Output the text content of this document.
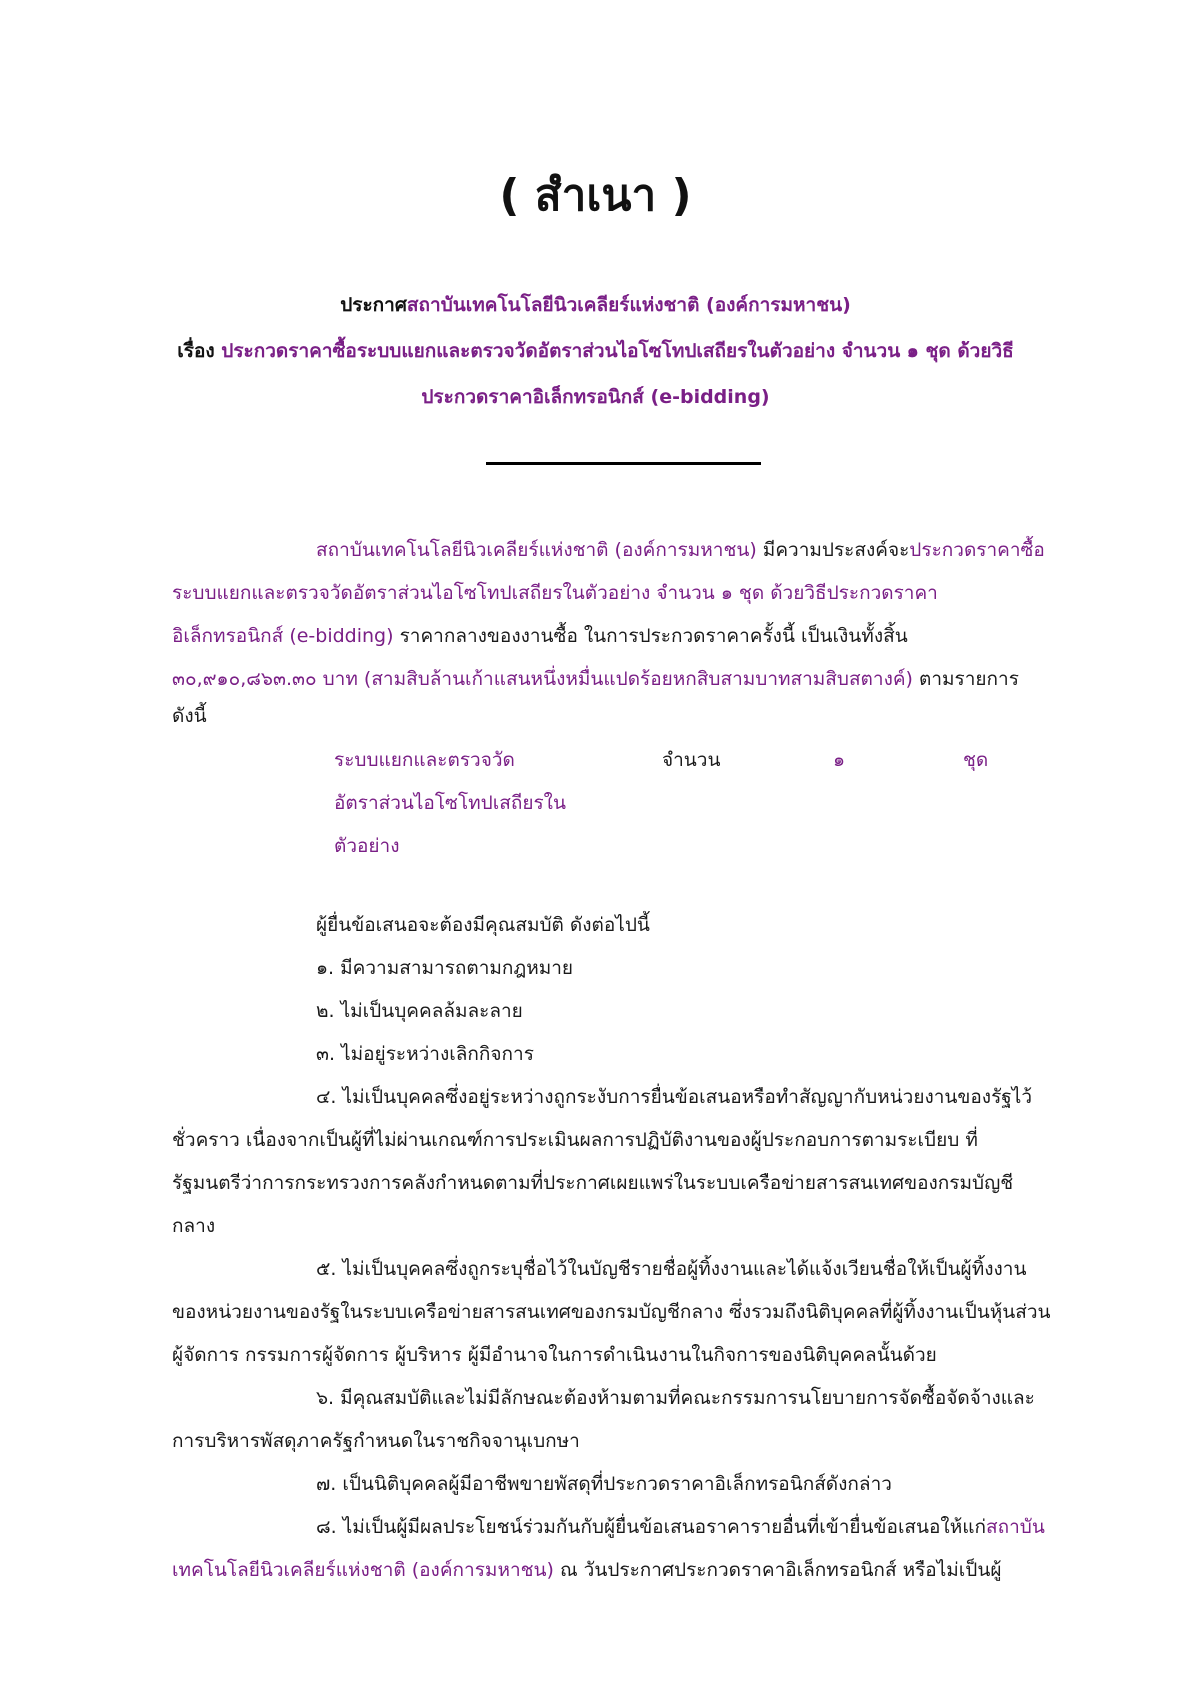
( สำเนา )
ประกาศสถาบันเทคโนโลยีนิวเคลียร์แห่งชาติ (องค์การมหาชน)
เรื่อง ประกวดราคาซื้อระบบแยกและตรวจวัดอัตราส่วนไอโซโทปเสถียรในตัวอย่าง จำนวน ๑ ชุด ด้วยวิธี
ประกวดราคาอิเล็กทรอนิกส์ (e-bidding)
สถาบันเทคโนโลยีนิวเคลียร์แห่งชาติ (องค์การมหาชน) มีความประสงค์จะประกวดราคาซื้อ
ระบบแยกและตรวจวัดอัตราส่วนไอโซโทปเสถียรในตัวอย่าง จำนวน ๑ ชุด ด้วยวิธีประกวดราคา
อิเล็กทรอนิกส์ (e-bidding) ราคากลางของงานซื้อ ในการประกวดราคาครั้งนี้ เป็นเงินทั้งสิ้น
๓๐,๙๑๐,๘๖๓.๓๐ บาท (สามสิบล้านเก้าแสนหนึ่งหมื่นแปดร้อยหกสิบสามบาทสามสิบสตางค์) ตามรายการ
ดังนี้
ระบบแยกและตรวจวัด
อัตราส่วนไอโซโทปเสถียรใน
ตัวอย่าง
จำนวน	๑	ชุด
ผู้ยื่นข้อเสนอจะต้องมีคุณสมบัติ ดังต่อไปนี้
๑. มีความสามารถตามกฎหมาย
๒. ไม่เป็นบุคคลล้มละลาย
๓. ไม่อยู่ระหว่างเลิกกิจการ
๔. ไม่เป็นบุคคลซึ่งอยู่ระหว่างถูกระงับการยื่นข้อเสนอหรือทำสัญญากับหน่วยงานของรัฐไว้
ชั่วคราว เนื่องจากเป็นผู้ที่ไม่ผ่านเกณฑ์การประเมินผลการปฏิบัติงานของผู้ประกอบการตามระเบียบ ที่
รัฐมนตรีว่าการกระทรวงการคลังกำหนดตามที่ประกาศเผยแพร่ในระบบเครือข่ายสารสนเทศของกรมบัญชี
กลาง
๕. ไม่เป็นบุคคลซึ่งถูกระบุชื่อไว้ในบัญชีรายชื่อผู้ทิ้งงานและได้แจ้งเวียนชื่อให้เป็นผู้ทิ้งงาน
ของหน่วยงานของรัฐในระบบเครือข่ายสารสนเทศของกรมบัญชีกลาง ซึ่งรวมถึงนิติบุคคลที่ผู้ทิ้งงานเป็นหุ้นส่วน
ผู้จัดการ กรรมการผู้จัดการ ผู้บริหาร ผู้มีอำนาจในการดำเนินงานในกิจการของนิติบุคคลนั้นด้วย
๖. มีคุณสมบัติและไม่มีลักษณะต้องห้ามตามที่คณะกรรมการนโยบายการจัดซื้อจัดจ้างและ
การบริหารพัสดุภาครัฐกำหนดในราชกิจจานุเบกษา
๗. เป็นนิติบุคคลผู้มีอาชีพขายพัสดุที่ประกวดราคาอิเล็กทรอนิกส์ดังกล่าว
๘. ไม่เป็นผู้มีผลประโยชน์ร่วมกันกับผู้ยื่นข้อเสนอราคารายอื่นที่เข้ายื่นข้อเสนอให้แก่สถาบัน
เทคโนโลยีนิวเคลียร์แห่งชาติ (องค์การมหาชน) ณ วันประกาศประกวดราคาอิเล็กทรอนิกส์ หรือไม่เป็นผู้
